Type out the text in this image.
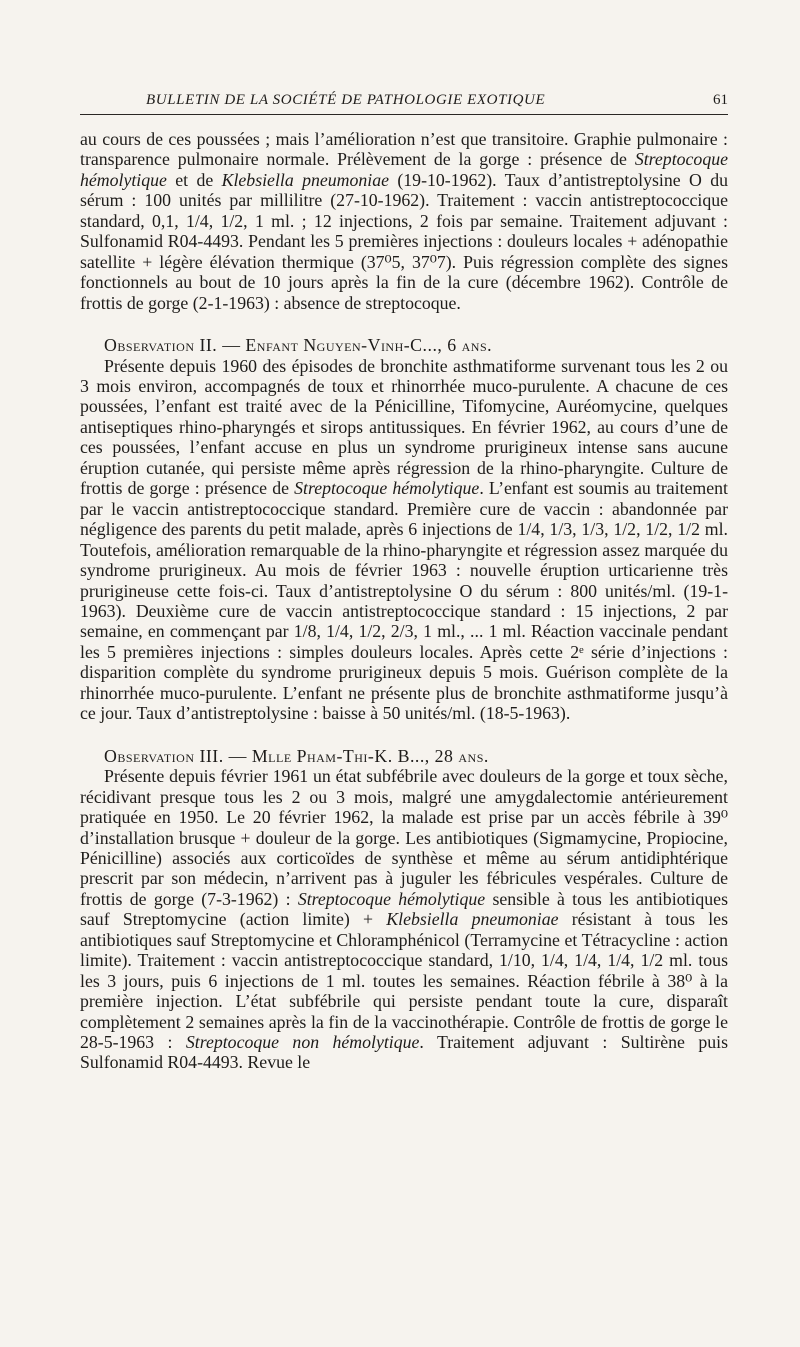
BULLETIN DE LA SOCIÉTÉ DE PATHOLOGIE EXOTIQUE	61

au cours de ces poussées ; mais l’amélioration n’est que transitoire. Graphie pulmonaire : transparence pulmonaire normale. Prélèvement de la gorge : présence de Streptocoque hémolytique et de Klebsiella pneumoniae (19-10-1962). Taux d’antistreptolysine O du sérum : 100 unités par millilitre (27-10-1962). Traitement : vaccin antistreptococcique standard, 0,1, 1/4, 1/2, 1 ml. ; 12 injections, 2 fois par semaine. Traitement adjuvant : Sulfonamid R04-4493. Pendant les 5 premières injections : douleurs locales + adénopathie satellite + légère élévation thermique (37⁰5, 37⁰7). Puis régression complète des signes fonctionnels au bout de 10 jours après la fin de la cure (décembre 1962). Contrôle de frottis de gorge (2-1-1963) : absence de streptocoque.

Observation II. — Enfant Nguyen-Vinh-C..., 6 ans.

Présente depuis 1960 des épisodes de bronchite asthmatiforme survenant tous les 2 ou 3 mois environ, accompagnés de toux et rhinorrhée muco-purulente. A chacune de ces poussées, l’enfant est traité avec de la Pénicilline, Tifomycine, Auréomycine, quelques antiseptiques rhino-pharyngés et sirops antitussiques. En février 1962, au cours d’une de ces poussées, l’enfant accuse en plus un syndrome prurigineux intense sans aucune éruption cutanée, qui persiste même après régression de la rhino-pharyngite. Culture de frottis de gorge : présence de Streptocoque hémolytique. L’enfant est soumis au traitement par le vaccin antistreptococcique standard. Première cure de vaccin : abandonnée par négligence des parents du petit malade, après 6 injections de 1/4, 1/3, 1/3, 1/2, 1/2, 1/2 ml. Toutefois, amélioration remarquable de la rhino-pharyngite et régression assez marquée du syndrome prurigineux. Au mois de février 1963 : nouvelle éruption urticarienne très prurigineuse cette fois-ci. Taux d’antistreptolysine O du sérum : 800 unités/ml. (19-1-1963). Deuxième cure de vaccin antistreptococcique standard : 15 injections, 2 par semaine, en commençant par 1/8, 1/4, 1/2, 2/3, 1 ml., ... 1 ml. Réaction vaccinale pendant les 5 premières injections : simples douleurs locales. Après cette 2ᵉ série d’injections : disparition complète du syndrome prurigineux depuis 5 mois. Guérison complète de la rhinorrhée muco-purulente. L’enfant ne présente plus de bronchite asthmatiforme jusqu’à ce jour. Taux d’antistreptolysine : baisse à 50 unités/ml. (18-5-1963).

Observation III. — Mlle Pham-Thi-K. B..., 28 ans.

Présente depuis février 1961 un état subfébrile avec douleurs de la gorge et toux sèche, récidivant presque tous les 2 ou 3 mois, malgré une amygdalectomie antérieurement pratiquée en 1950. Le 20 février 1962, la malade est prise par un accès fébrile à 39⁰ d’installation brusque + douleur de la gorge. Les antibiotiques (Sigmamycine, Propiocine, Pénicilline) associés aux corticoïdes de synthèse et même au sérum antidiphtérique prescrit par son médecin, n’arrivent pas à juguler les fébricules vespérales. Culture de frottis de gorge (7-3-1962) : Streptocoque hémolytique sensible à tous les antibiotiques sauf Streptomycine (action limite) + Klebsiella pneumoniae résistant à tous les antibiotiques sauf Streptomycine et Chloramphénicol (Terramycine et Tétracycline : action limite). Traitement : vaccin antistreptococcique standard, 1/10, 1/4, 1/4, 1/4, 1/2 ml. tous les 3 jours, puis 6 injections de 1 ml. toutes les semaines. Réaction fébrile à 38⁰ à la première injection. L’état subfébrile qui persiste pendant toute la cure, disparaît complètement 2 semaines après la fin de la vaccinothérapie. Contrôle de frottis de gorge le 28-5-1963 : Streptocoque non hémolytique. Traitement adjuvant : Sultirène puis Sulfonamid R04-4493. Revue le
